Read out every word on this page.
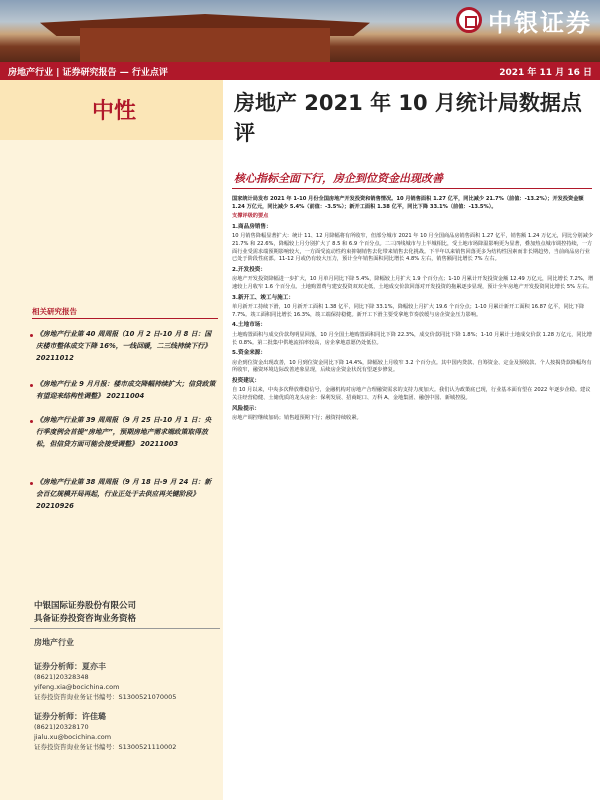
中银证券
房地产行业 | 证券研究报告 — 行业点评	2021 年 11 月 16 日
中性	房地产 2021 年 10 月统计局数据点评
核心指标全面下行，房企到位资金出现改善

国家统计局发布 2021 年 1-10 月份全国房地产开发投资和销售情况。10 月销售面积 1.27 亿平，同比减少 21.7%（前值：-13.2%）；开发投资金额 1.24 万亿元，同比减少 5.4%（前值：-3.5%）；新开工面积 1.38 亿平，同比下降 33.1%（前值：-13.5%）。

支撑评级的要点

1.商品房销售：

10 月销售降幅显著扩大：统计 11、12 月降幅将有所收窄，但部分城市 2021 年 10 月全国商品房销售面积 1.27 亿平，销售额 1.24 万亿元，同比分别减少 21.7% 和 22.6%，降幅较上月分别扩大了 8.5 和 6.9 个百分点。二三四线城市与上半城相比，受土地市场降温影响更为显著，叠加热点城市调控持续，一方面行业受需求端预期影响较大，一方面受流动性约束抑制销售去化带来销售去化挑战。下半年以来销售回落更多为结构性因素而非长期趋势，当前商品房行业已处于阶段性底部。11-12 月或仍有较大压力，预计全年销售面积同比增长 4.8% 左右，销售额同比增长 7% 左右。

2.开发投资：

房地产开发投资降幅进一步扩大，10 月单月同比下降 5.4%，降幅较上月扩大 1.9 个百分点；1-10 月累计开发投资金额 12.49 万亿元，同比增长 7.2%，增速较上月收窄 1.6 个百分点。土地购置费与建安投资双双走低，土地成交价款回落对开发投资的拖累逐步显现，预计全年房地产开发投资同比增长 5% 左右。

3.新开工、竣工与施工：

单月新开工持续下滑，10 月新开工面积 1.38 亿平，同比下降 33.1%，降幅较上月扩大 19.6 个百分点；1-10 月累计新开工面积 16.87 亿平，同比下降 7.7%。竣工面积同比增长 16.3%，竣工端保持稳健。新开工下滑主要受拿地节奏放缓与房企资金压力影响。

4.土地市场：

土地购置面积与成交价款均明显回落，10 月全国土地购置面积同比下降 22.3%，成交价款同比下降 1.8%；1-10 月累计土地成交价款 1.28 万亿元，同比增长 0.8%。第二批集中供地流拍率较高，房企拿地意愿仍处低位。

5.资金来源：

房企到位资金出现改善，10 月到位资金同比下降 14.4%，降幅较上月收窄 3.2 个百分点。其中国内贷款、自筹资金、定金及预收款、个人按揭贷款降幅均有所收窄，融资环境边际改善迹象显现，后续房企资金状况有望逐步修复。

投资建议：

自 10 月以来，中央多次释放维稳信号，金融机构对房地产合理融资需求的支持力度加大。我们认为政策底已现，行业基本面有望在 2022 年逐步企稳。建议关注经营稳健、土储优质的龙头房企：保利发展、招商蛇口、万科 A、金地集团、融创中国、新城控股。

风险提示：

房地产调控继续加码；销售超预期下行；融资持续收紧。

相关研究报告
《房地产行业第 40 周周报（10 月 2 日-10 月 8 日：国庆楼市整体成交下降 16%，一线回暖，二三线持续下行》 20211012
《房地产行业 9 月月报：楼市成交降幅持续扩大；信贷政策有望迎来结构性调整》 20211004
《房地产行业第 39 周周报（9 月 25 日-10 月 1 日：央行季度例会首提“房地产”，预期房地产需求端政策取得放松，但信贷方面可能会接受调整》 20211003
《房地产行业第 38 周周报（9 月 18 日-9 月 24 日：新会百亿规模开局再起，行业正处于去供应再关键阶段》 20210926
中银国际证券股份有限公司
具备证券投资咨询业务资格
房地产行业
证券分析师：夏亦丰
(8621)20328348
yifeng.xia@bocichina.com
证券投资咨询业务证书编号：S1300521070005
证券分析师：许佳璐
(8621)20328170
jialu.xu@bocichina.com
证券投资咨询业务证书编号：S1300521110002
